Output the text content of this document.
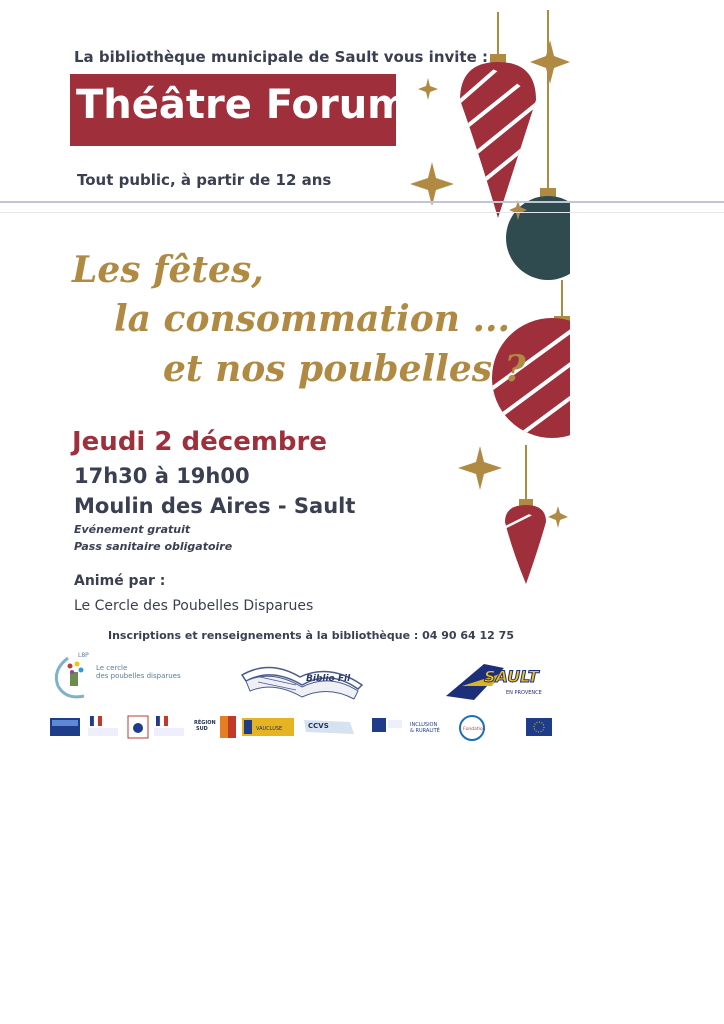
La bibliothèque municipale de Sault vous invite :
Théâtre Forum
Tout public, à partir de 12 ans
Les fêtes,
la consommation ...
et nos poubelles ?
Jeudi 2 décembre
17h30 à 19h00
Moulin des Aires - Sault
Evénement gratuit
Pass sanitaire obligatoire
Animé par :
Le Cercle des Poubelles Disparues
Inscriptions et renseignements à la bibliothèque : 04 90 64 12 75
L8P
Le cercle
des poubelles disparues	Biblio Fil	SAULT
EN PROVENCE
RÉGION
SUD	VAUCLUSE	CCVS	INCLUSION
& RURALITÉ	Fondation
